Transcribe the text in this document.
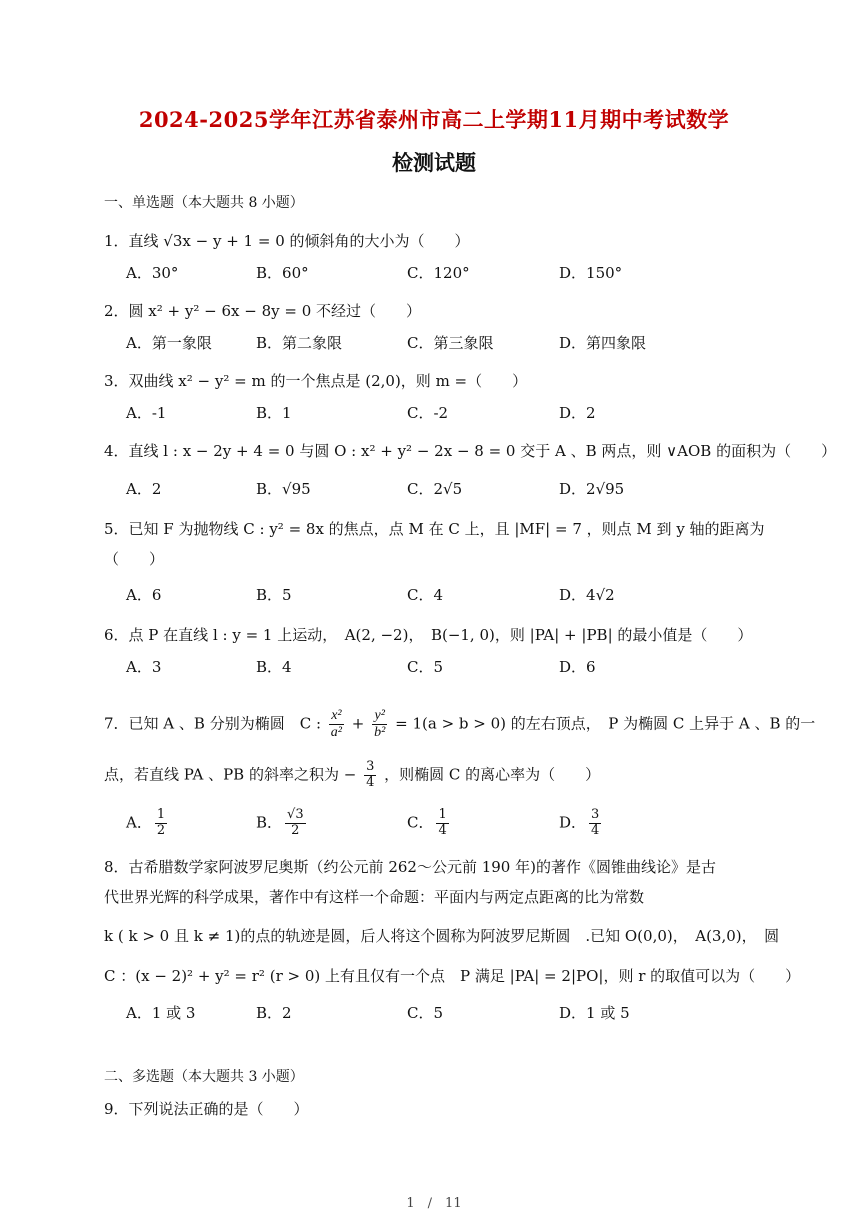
2024-2025学年江苏省泰州市高二上学期11月期中考试数学
检测试题
一、单选题（本大题共 8 小题）
1．直线 √3x − y + 1 = 0 的倾斜角的大小为（　　）
A．30°	B．60°	C．120°	D．150°
2．圆 x² + y² − 6x − 8y = 0 不经过（　　）
A．第一象限	B．第二象限	C．第三象限	D．第四象限
3．双曲线 x² − y² = m 的一个焦点是 (2,0)，则 m =（　　）
A．-1	B．1	C．-2	D．2
4．直线 l : x − 2y + 4 = 0 与圆 O : x² + y² − 2x − 8 = 0 交于 A 、B 两点，则 ∨AOB 的面积为（　　）
A．2	B．√95	C．2√5	D．2√95
5．已知 F 为抛物线 C : y² = 8x 的焦点，点 M 在 C 上，且 |MF| = 7 ，则点 M 到 y 轴的距离为
（　　）
A．6	B．5	C．4	D．4√2
6．点 P 在直线 l : y = 1 上运动，　A(2, −2)，　B(−1, 0)，则 |PA| + |PB| 的最小值是（　　）
A．3	B．4	C．5	D．6
7．已知 A 、B 分别为椭圆　C : $\frac{\text{x²}}{\text{a²}} + \frac{\text{y²}}{\text{b²}} = 1(a > b > 0)$ 的左右顶点，　P 为椭圆 C 上异于 A 、B 的一
点，若直线 PA 、PB 的斜率之积为 − $\frac{3}{4}$ ，则椭圆 C 的离心率为（　　）
A． $\frac{1}{2}$	B． $\frac{√3}{2}$	C． $\frac{1}{4}$	D． $\frac{3}{4}$
8．古希腊数学家阿波罗尼奥斯（约公元前 262～公元前 190 年)的著作《圆锥曲线论》是古
代世界光辉的科学成果，著作中有这样一个命题：平面内与两定点距离的比为常数
k ( k > 0 且 k ≠ 1)的点的轨迹是圆，后人将这个圆称为阿波罗尼斯圆　.已知 O(0,0)，　A(3,0)，　圆
C ：(x − 2)² + y² = r² (r > 0) 上有且仅有一个点　P 满足 |PA| = 2|PO|，则 r 的取值可以为（　　）
A．1 或 3	B．2	C．5	D．1 或 5
二、多选题（本大题共 3 小题）
9．下列说法正确的是（　　）
1　/　11
